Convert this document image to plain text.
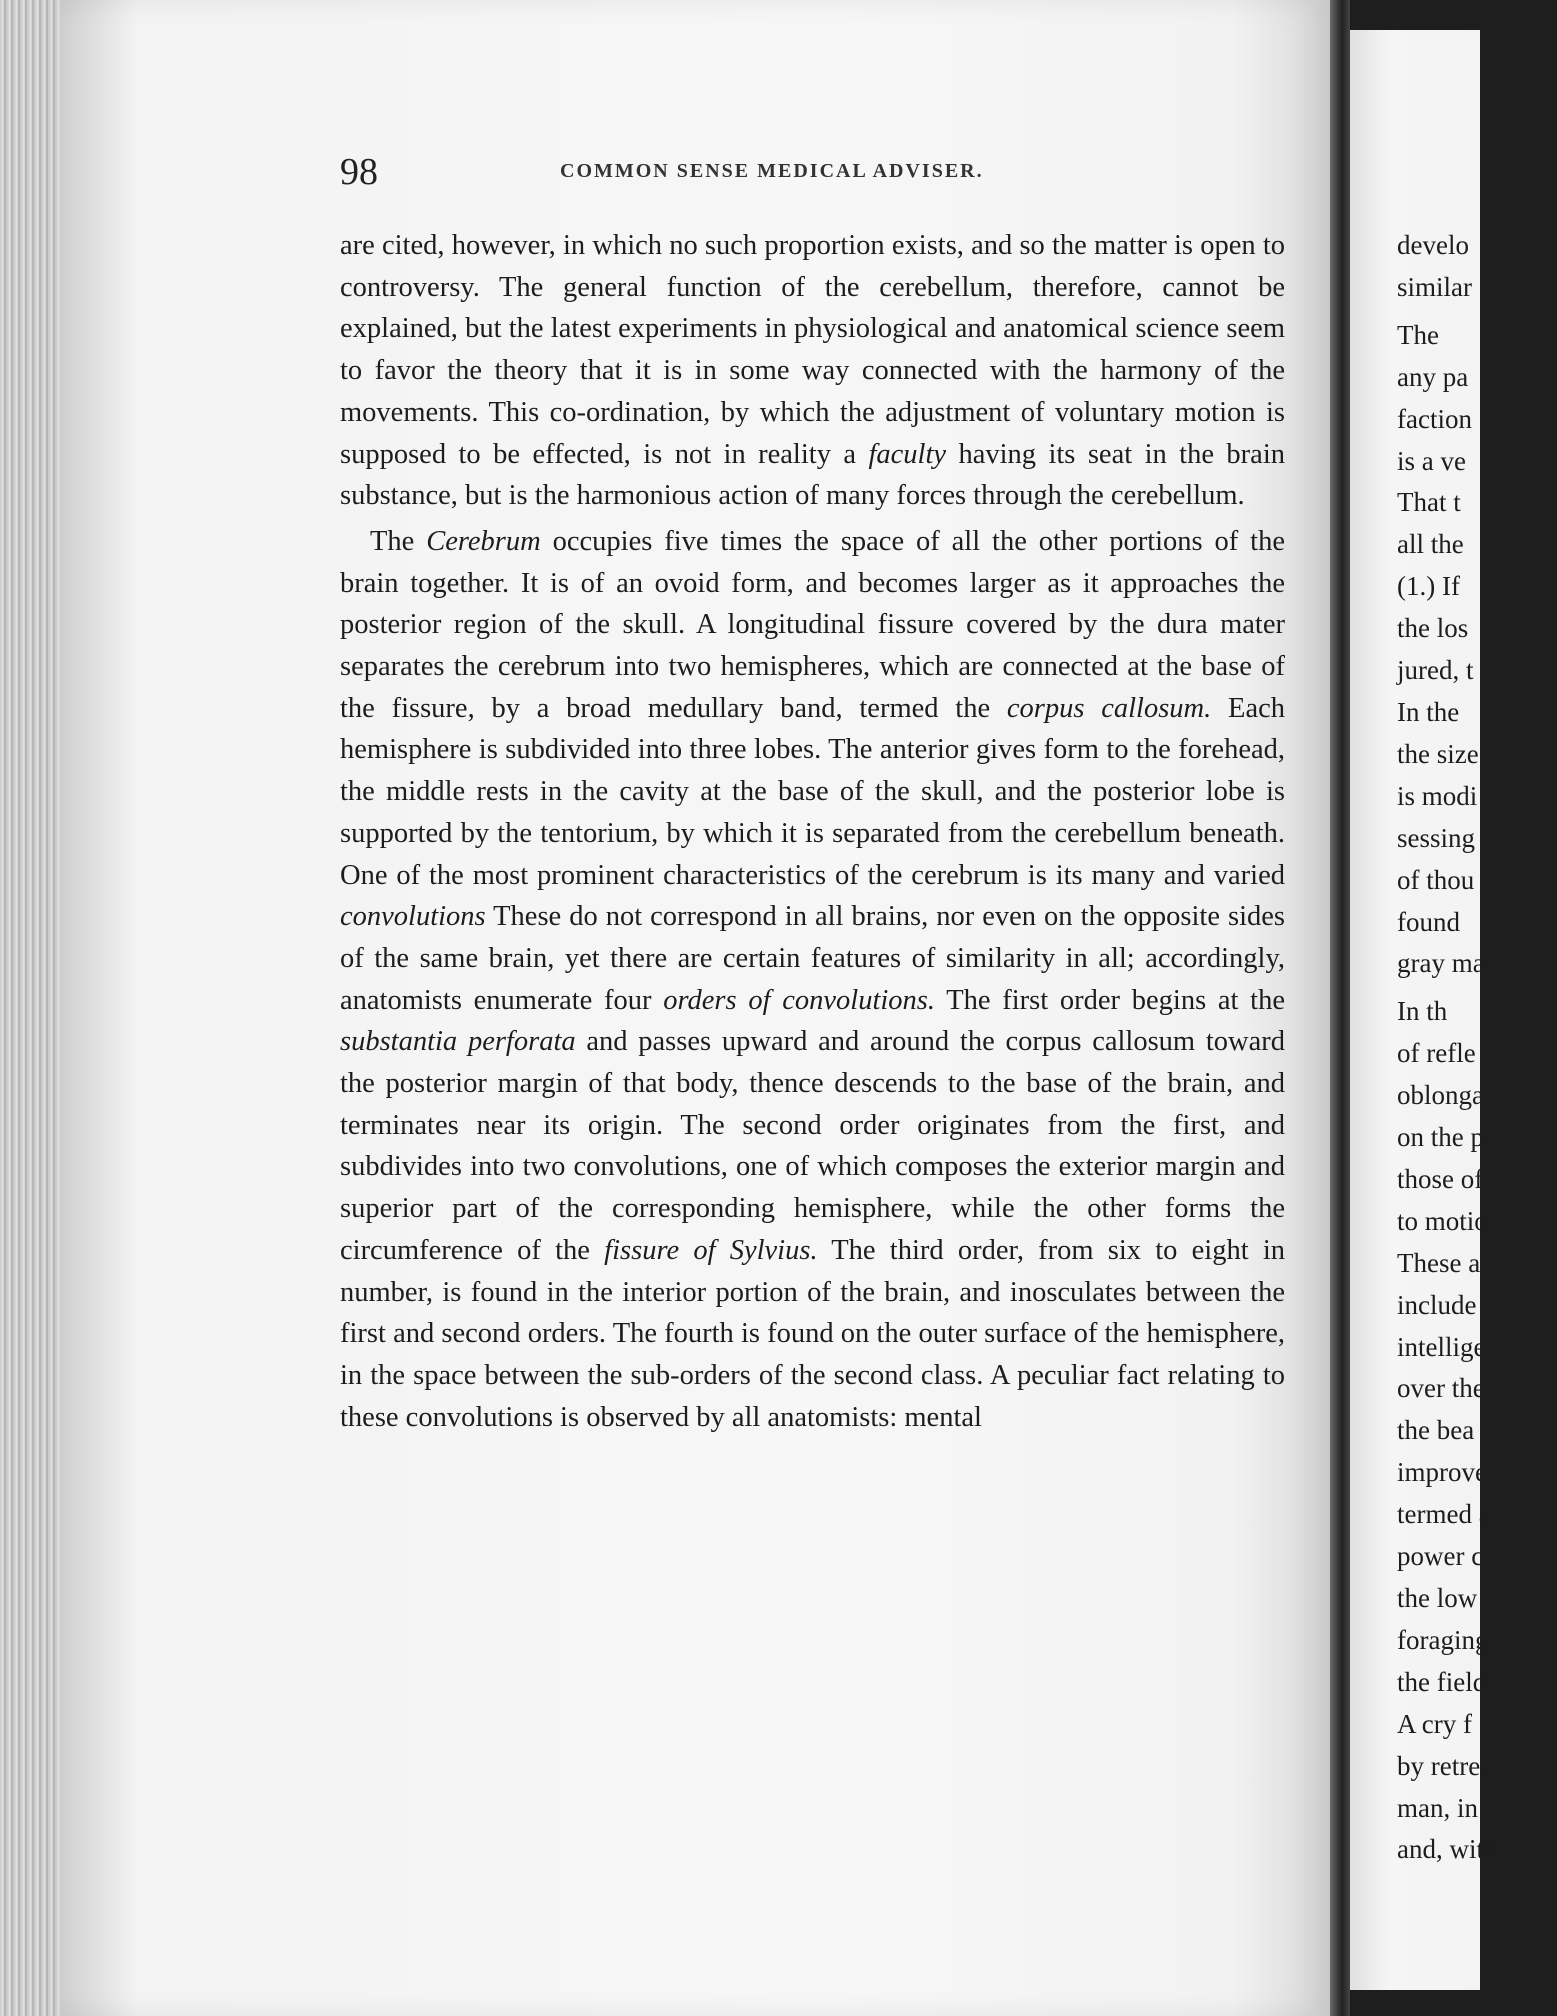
98	COMMON SENSE MEDICAL ADVISER.

are cited, however, in which no such proportion exists, and so the matter is open to controversy. The general function of the cerebellum, therefore, cannot be explained, but the latest experiments in physiological and anatomical science seem to favor the theory that it is in some way connected with the harmony of the movements. This co-ordination, by which the adjustment of voluntary motion is supposed to be effected, is not in reality a faculty having its seat in the brain substance, but is the harmonious action of many forces through the cerebellum.

The Cerebrum occupies five times the space of all the other portions of the brain together. It is of an ovoid form, and becomes larger as it approaches the posterior region of the skull. A longitudinal fissure covered by the dura mater separates the cerebrum into two hemispheres, which are connected at the base of the fissure, by a broad medullary band, termed the corpus callosum. Each hemisphere is subdivided into three lobes. The anterior gives form to the forehead, the middle rests in the cavity at the base of the skull, and the posterior lobe is supported by the tentorium, by which it is separated from the cerebellum beneath. One of the most prominent characteristics of the cerebrum is its many and varied convolutions These do not correspond in all brains, nor even on the opposite sides of the same brain, yet there are certain features of similarity in all; accordingly, anatomists enumerate four orders of convolutions. The first order begins at the substantia perforata and passes upward and around the corpus callosum toward the posterior margin of that body, thence descends to the base of the brain, and terminates near its origin. The second order originates from the first, and subdivides into two convolutions, one of which composes the exterior margin and superior part of the corresponding hemisphere, while the other forms the circumference of the fissure of Sylvius. The third order, from six to eight in number, is found in the interior portion of the brain, and inosculates between the first and second orders. The fourth is found on the outer surface of the hemisphere, in the space between the sub-orders of the second class. A peculiar fact relating to these convolutions is observed by all anatomists: mental

develo
similar
The
any pa
faction
is a ve
That t
all the
(1.) If
the los
jured, t
In the
the size
is modi
sessing
of thou
found
gray ma
In th
of refle
oblonga
on the p
those of
to motio
These a
include
intellige
over the
the bea
improve
termed a
power c
the low
foraging
the field
A cry f
by retrea
man, in
and, with
